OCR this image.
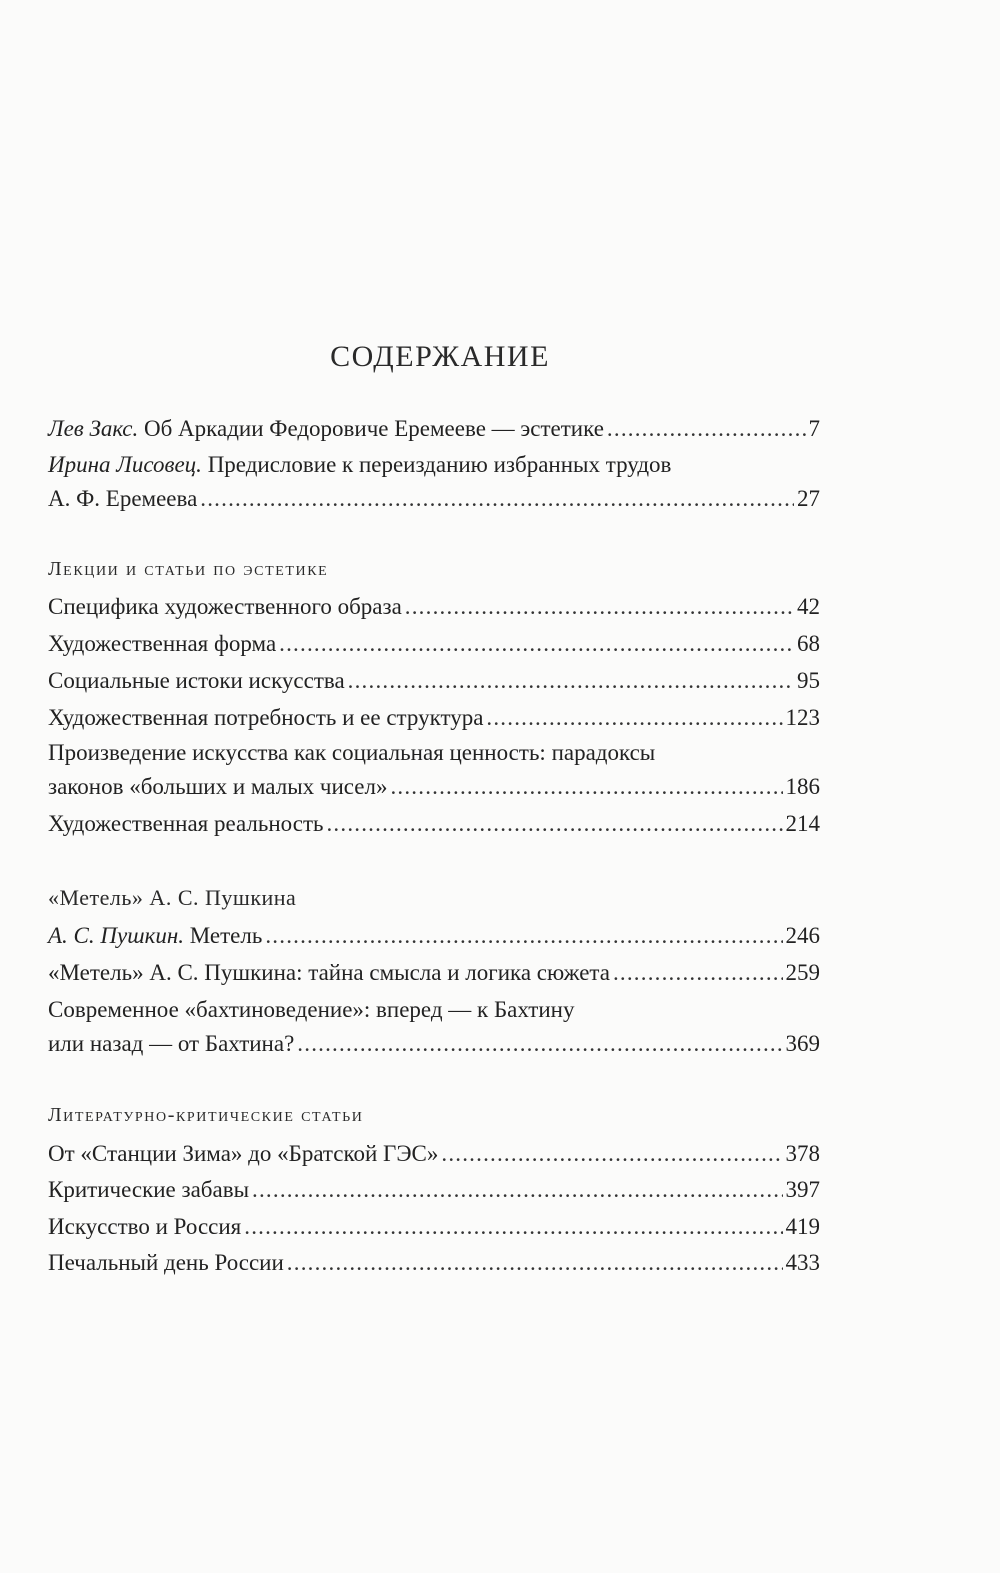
СОДЕРЖАНИЕ
Лев Закс. Об Аркадии Федоровиче Еремееве — эстетике .....	7
Ирина Лисовец. Предисловие к переизданию избранных трудов
А. Ф. Еремеева .....	27
Лекции и статьи по эстетике
Специфика художественного образа .....	42
Художественная форма .....	68
Социальные истоки искусства .....	95
Художественная потребность и ее структура .....	123
Произведение искусства как социальная ценность: парадоксы
законов «больших и малых чисел» .....	186
Художественная реальность .....	214
«Метель» А. С. Пушкина
А. С. Пушкин. Метель .....	246
«Метель» А. С. Пушкина: тайна смысла и логика сюжета .....	259
Современное «бахтиноведение»: вперед — к Бахтину
или назад — от Бахтина? .....	369
Литературно-критические статьи
От «Станции Зима» до «Братской ГЭС» .....	378
Критические забавы .....	397
Искусство и Россия .....	419
Печальный день России .....	433
